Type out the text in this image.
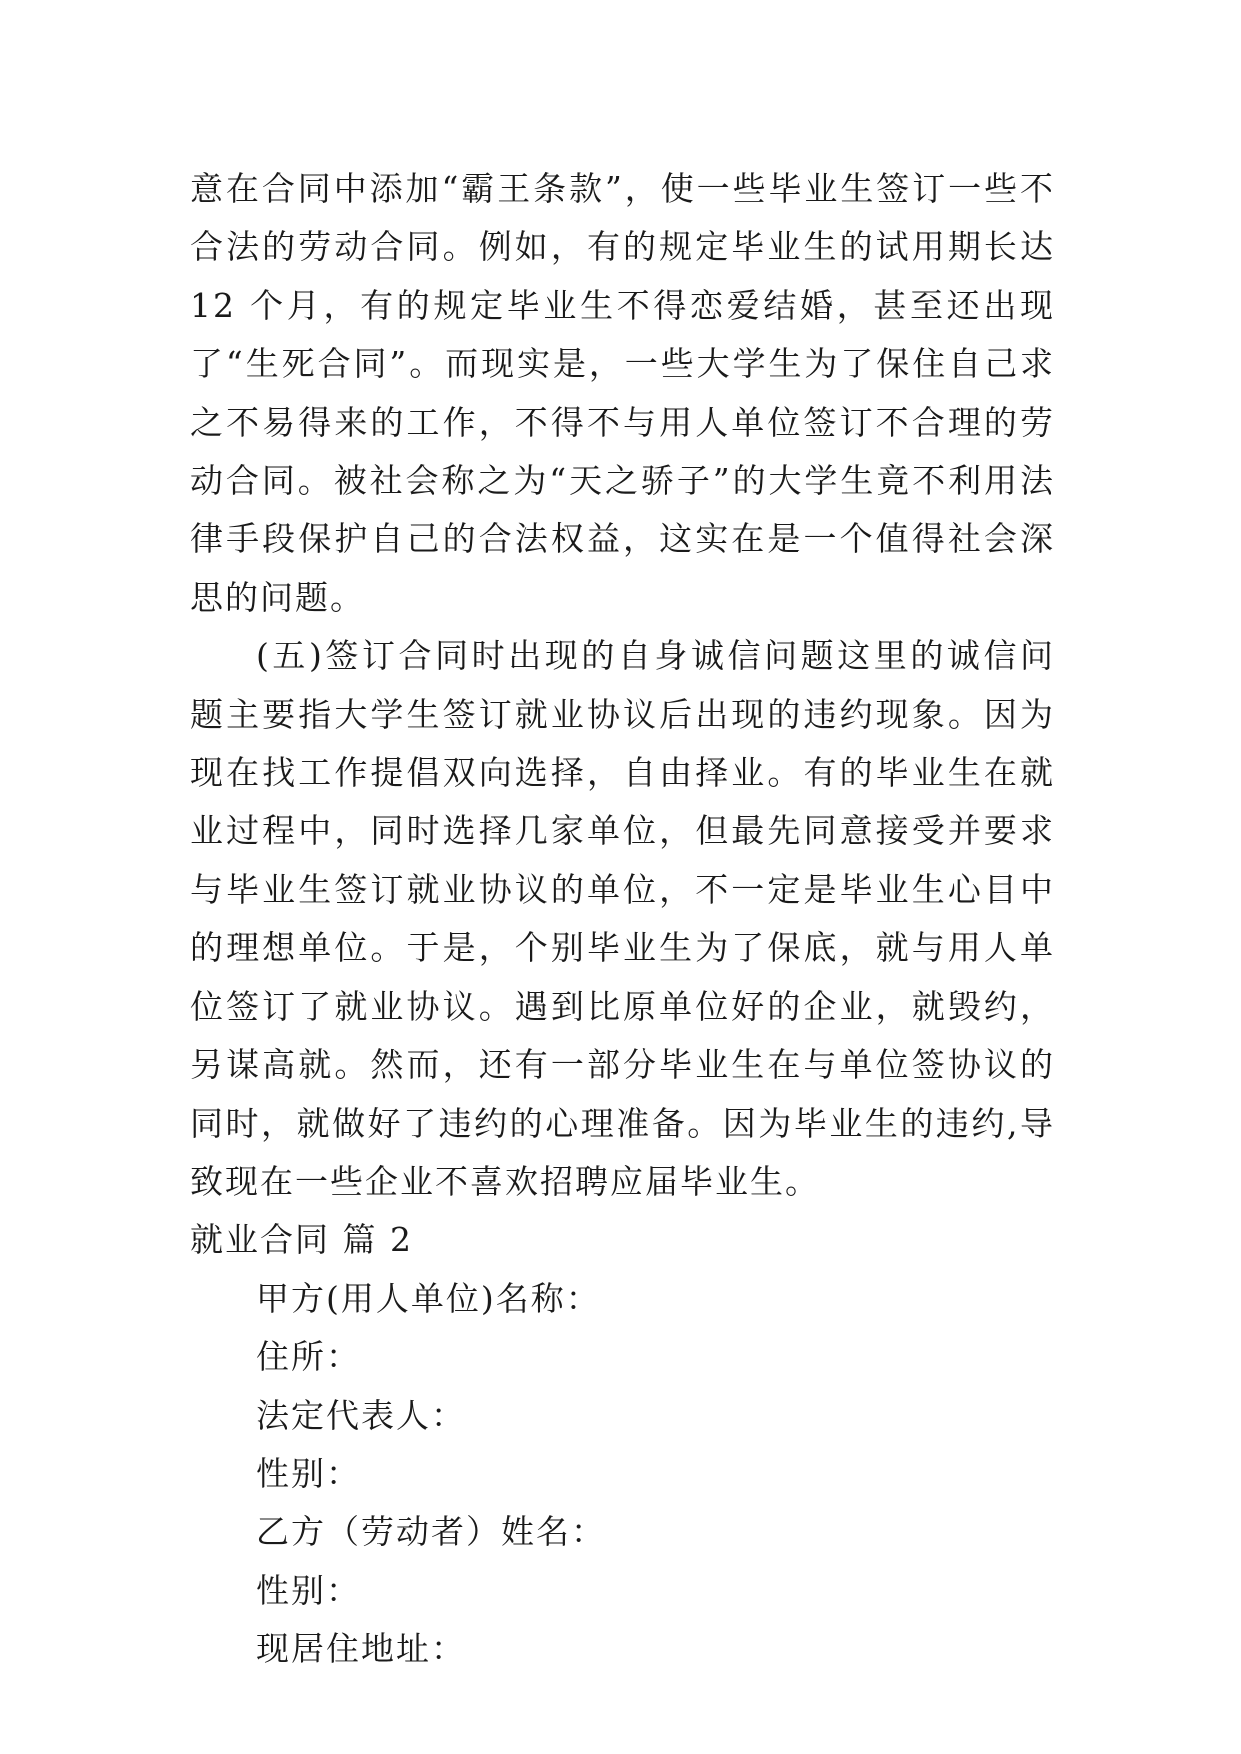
意在合同中添加“霸王条款”，使一些毕业生签订一些不合法的劳动合同。例如，有的规定毕业生的试用期长达 12 个月，有的规定毕业生不得恋爱结婚，甚至还出现了“生死合同”。而现实是，一些大学生为了保住自己求之不易得来的工作，不得不与用人单位签订不合理的劳动合同。被社会称之为“天之骄子”的大学生竟不利用法律手段保护自己的合法权益，这实在是一个值得社会深思的问题。

(五)签订合同时出现的自身诚信问题这里的诚信问题主要指大学生签订就业协议后出现的违约现象。因为现在找工作提倡双向选择，自由择业。有的毕业生在就业过程中，同时选择几家单位，但最先同意接受并要求与毕业生签订就业协议的单位，不一定是毕业生心目中的理想单位。于是，个别毕业生为了保底，就与用人单位签订了就业协议。遇到比原单位好的企业，就毁约，另谋高就。然而，还有一部分毕业生在与单位签协议的同时，就做好了违约的心理准备。因为毕业生的违约,导致现在一些企业不喜欢招聘应届毕业生。

就业合同 篇 2

甲方(用人单位)名称：

住所：

法定代表人：

性别：

乙方（劳动者）姓名：

性别：

现居住地址：
